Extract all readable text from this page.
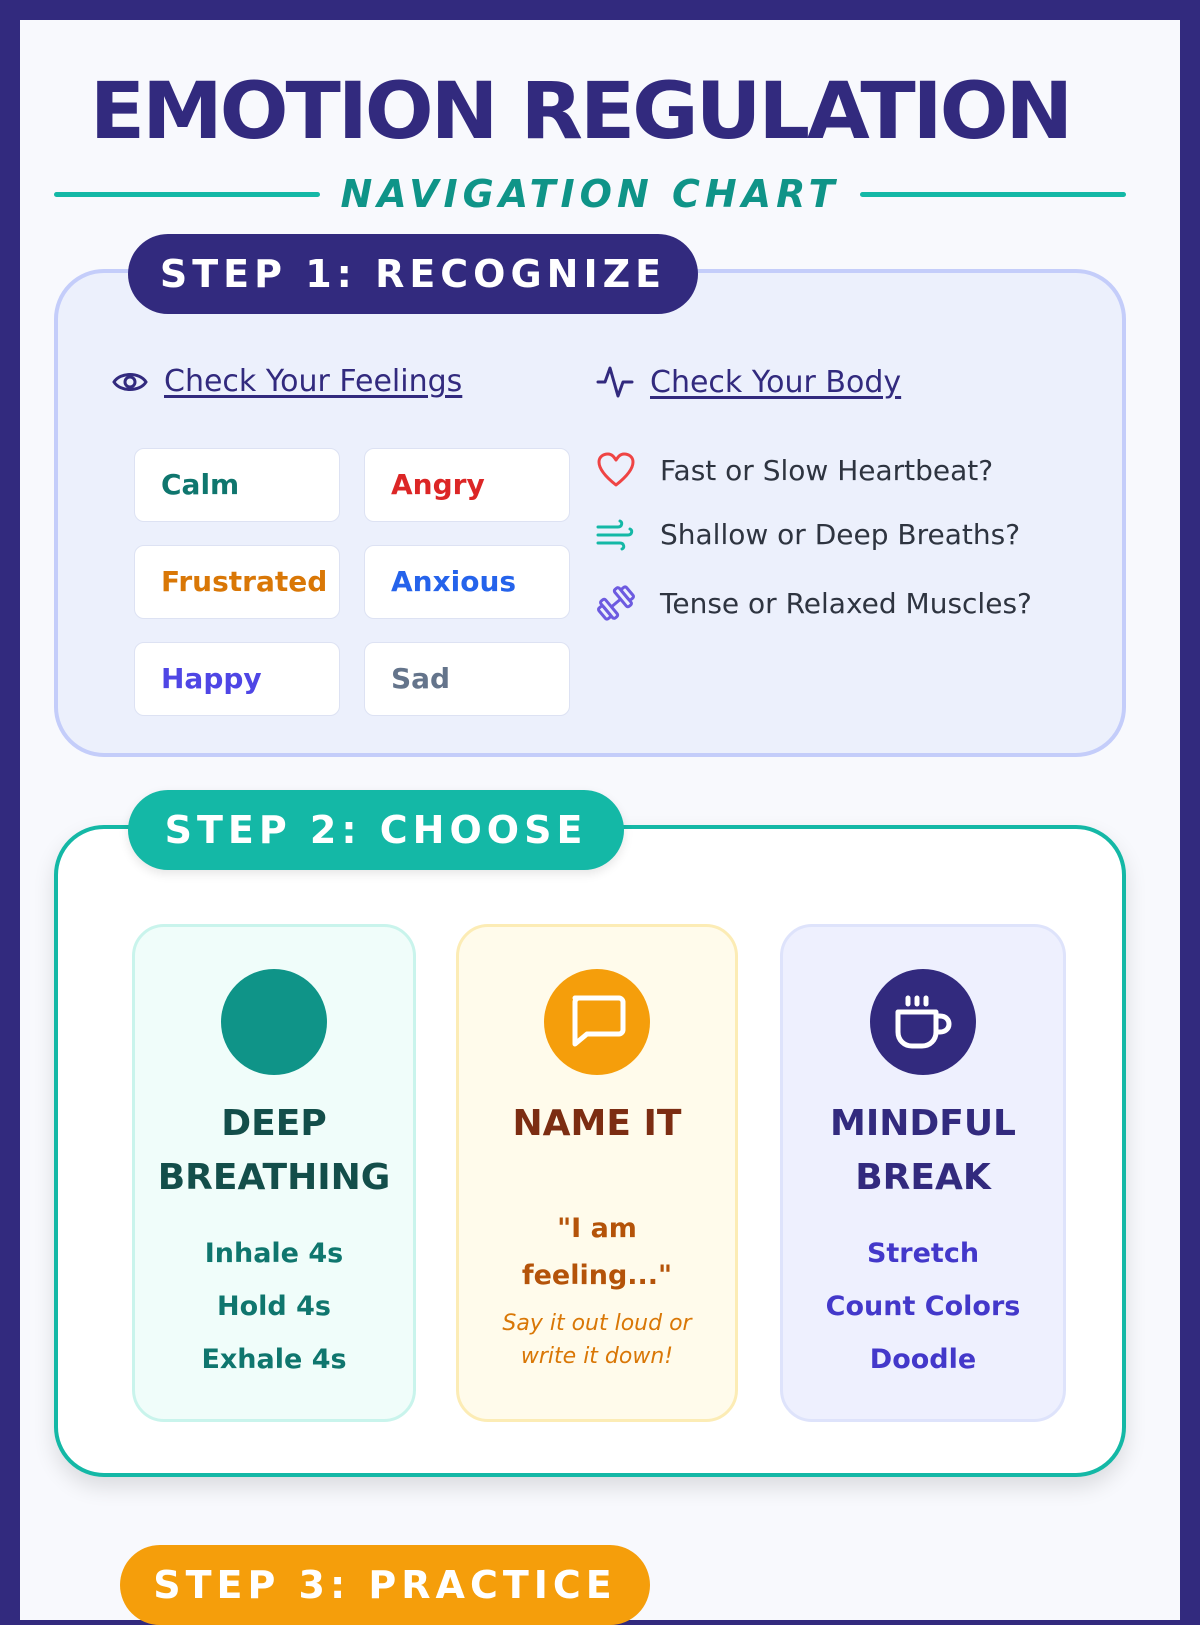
EMOTION REGULATION
NAVIGATION CHART
STEP 1: RECOGNIZE
Check Your Feelings	Check Your Body
Calm	Angry
Frustrated	Anxious
Happy	Sad
Fast or Slow Heartbeat?
Shallow or Deep Breaths?
Tense or Relaxed Muscles?
STEP 2: CHOOSE
DEEP
BREATHING
Inhale 4s
Hold 4s
Exhale 4s
NAME IT
"I am
feeling..."
Say it out loud or
write it down!
MINDFUL
BREAK
Stretch
Count Colors
Doodle
STEP 3: PRACTICE
